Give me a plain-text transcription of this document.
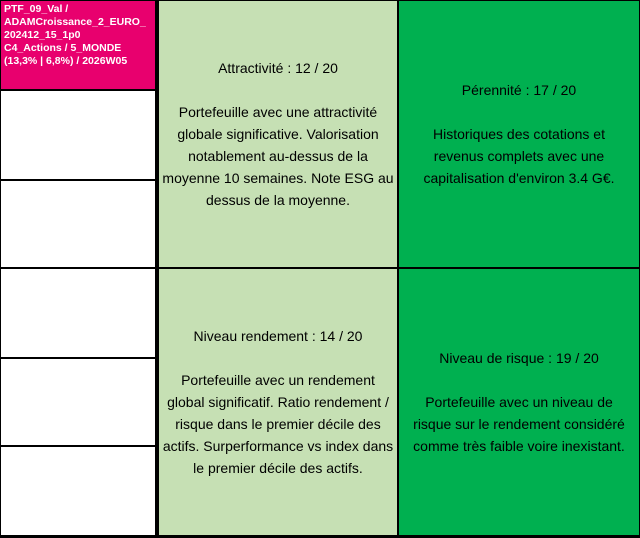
PTF_09_Val /
ADAMCroissance_2_EURO_
202412_15_1p0
C4_Actions / 5_MONDE
(13,3% | 6,8%) / 2026W05	Attractivité : 12 / 20
Portefeuille avec une attractivité globale significative. Valorisation notablement au-dessus de la moyenne 10 semaines. Note ESG au dessus de la moyenne.
Pérennité : 17 / 20
Historiques des cotations et revenus complets avec une capitalisation d'environ 3.4 G€.
Niveau rendement : 14 / 20
Portefeuille avec un rendement global significatif. Ratio rendement / risque dans le premier décile des actifs. Surperformance vs index dans le premier décile des actifs.
Niveau de risque : 19 / 20
Portefeuille avec un niveau de risque sur le rendement considéré comme très faible voire inexistant.
